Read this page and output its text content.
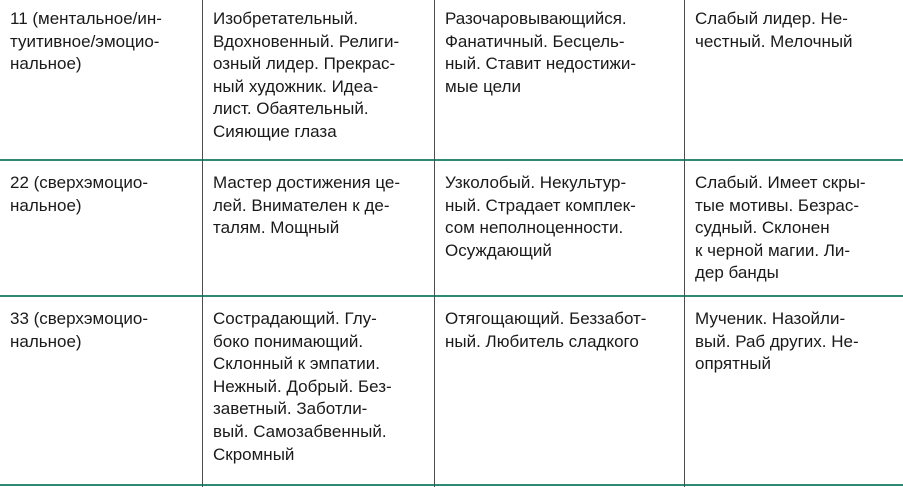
11 (ментальное/ин-
туитивное/эмоцио-
нальное)
Изобретательный.
Вдохновенный. Религи-
озный лидер. Прекрас-
ный художник. Идеа-
лист. Обаятельный.
Сияющие глаза
Разочаровывающийся.
Фанатичный. Бесцель-
ный. Ставит недостижи-
мые цели
Слабый лидер. Не-
честный. Мелочный
22 (сверхэмоцио-
нальное)
Мастер достижения це-
лей. Внимателен к де-
талям. Мощный
Узколобый. Некультур-
ный. Страдает комплек-
сом неполноценности.
Осуждающий
Слабый. Имеет скры-
тые мотивы. Безрас-
судный. Склонен
к черной магии. Ли-
дер банды
33 (сверхэмоцио-
нальное)
Сострадающий. Глу-
боко понимающий.
Склонный к эмпатии.
Нежный. Добрый. Без-
заветный. Заботли-
вый. Самозабвенный.
Скромный
Отягощающий. Беззабот-
ный. Любитель сладкого
Мученик. Назойли-
вый. Раб других. Не-
опрятный
